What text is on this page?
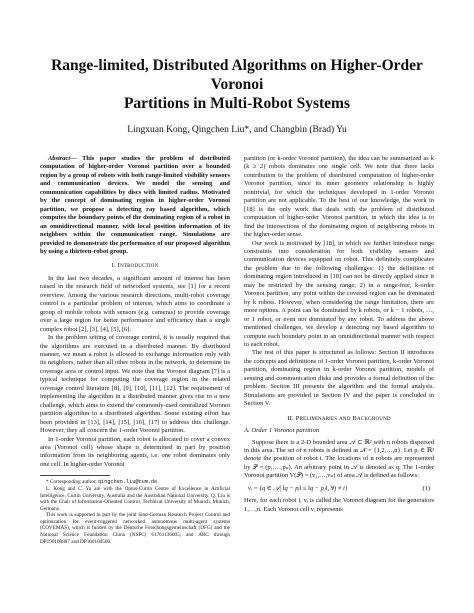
Range-limited, Distributed Algorithms on Higher-Order Voronoi
Partitions in Multi-Robot Systems
Lingxuan Kong, Qingchen Liu*, and Changbin (Brad) Yu

Abstract— This paper studies the problem of distributed computation of higher-order Voronoi partition over a bounded region by a group of robots with both range-limited visibility sensors and communication devices. We model the sensing and communication capabilities by discs with limited radius. Motivated by the concept of dominating region in higher-order Voronoi partition, we propose a detecting ray based algorithm, which computes the boundary points of the dominating region of a robot in an omnidirectional manner, with local position information of its neighbors within the communication range. Simulations are provided to demonstrate the performance of our proposed algorithm by using a thirteen-robot group.

I. Introduction

In the last two decades, a significant amount of interest has been raised in the research field of networked systems, see [1] for a recent overview. Among the various research directions, multi-robot coverage control is a particular problem of interest, which aims to coordinate a group of mobile robots with sensors (e.g. cameras) to provide coverage over a large region for better performance and efficiency than a single complex robot [2], [3], [4], [5], [6].

In the problem setting of coverage control, it is usually required that the algorithms are executed in a distributed manner. By distributed manner, we mean a robot is allowed to exchange information only with its neighbors, rather than all other robots in the network, to determine its coverage area or control input. We note that the Voronoi diagram [7] is a typical technique for computing the coverage region in the related coverage control literature [8], [9], [10], [11], [12]. The requirement of implementing the algorithm in a distributed manner gives rise to a new challenge, which aims to extend the commonly-used centralized Voronoi partition algorithm to a distributed algorithm. Some existing effort has been provided in [13], [14], [15], [16], [17] to address this challenge. However, they all concern the 1-order Voronoi partition.

In 1-order Voronoi partition, each robot is allocated to cover a convex area (Voronoi cell) whose shape is determined in part by position information from its neighboring agents, i.e. one robot dominates only one cell. In higher-order Voronoi

* Corresponding author: qingchen.liu@tum.de

L. Kong and C. Yu are with the Optus-Curtin Centre of Excellence in Artificial Intelligence, Curtin University, Australia and the Australian National University. Q. Liu is with the Chair of Information-Oriented Control, Technical University of Munich, Munich, Germany.

This work is supported in part by the joint Sino-German Research Project Control and optimization for event-triggered networked autonomous multi-agent systems (COVEMAS), which is funded by the Deutsche Forschungsgemeinschaft (DFG) and the National Science Foundation China (NSFC) 61761136005, and ARC through DP190100887 and DP160104500.

partition (or k-order Voronoi partition), the idea can be summarized as k (k ≥ 2) robots dominates one single cell. We note that there lacks contribution to the problem of distributed computation of higher-order Voronoi partition, since its inner geometry relationship is highly nontrivial, for which the techniques developed in 1-order Voronoi partition are not applicable. To the best of our knowledge, the work in [18] is the only work that deals with the problem of distributed computation of higher-order Voronoi partition, in which the idea is to find the intersections of the dominating region of neighboring robots in the higher-order sense.

Our work is motivated by [18], in which we further introduce range constraints into consideration for both visibility sensors and communication devices equipped on robot. This definitely complicates the problem due to the following challenges: 1) the definition of dominating region introduced in [18] can not be directly applied since it may be restricted by the sensing range; 2) in a range-free, k-order Voronoi partition, any point within the covered region can be dominated by k robots. However, when considering the range limitation, there are more options. A point can be dominated by k robots, or k − 1 robots, …, or 1 robot, or even not dominated by any robot. To address the above mentioned challenges, we develop a detecting ray based algorithm to compute each boundary point in an omnidirectional manner with respect to each robot.

The rest of this paper is structured as follows: Section II introduces the concepts and definitions of 1-order Voronoi partition, k-order Voronoi partition, dominating region in k-order Voronoi partition, models of sensing and communication disks and provides a formal definition of the problem. Section III presents the algorithm and the formal analysis. Simulations are provided in Section IV and the paper is concluded in Section V.

II. Preliminaries and Background
A. Order 1 Voronoi partition

Suppose there is a 2-D bounded area 𝒜 ⊂ ℝ² with n robots dispersed in this area. The set of n robots is defined as 𝒩 = {1,2,…,n}. Let pᵢ ∈ ℝ² denote the position of robot i. The locations of n robots are represented by 𝒫 = (p₁,…,pₙ). An arbitrary point in 𝒜 is denoted as q. The 1-order Voronoi partition V(𝒫) = (v₁,…,vₙ) of area 𝒜 is defined as follows:

vᵢ = {q ∈ 𝒜| ‖q − pᵢ‖ ≤ ‖q − pⱼ‖, ∀j ≠ i}	(1)

Here, for each robot i, vᵢ is called the Voronoi diagram for the generators 1,…,n. Each Voronoi cell vᵢ represents
